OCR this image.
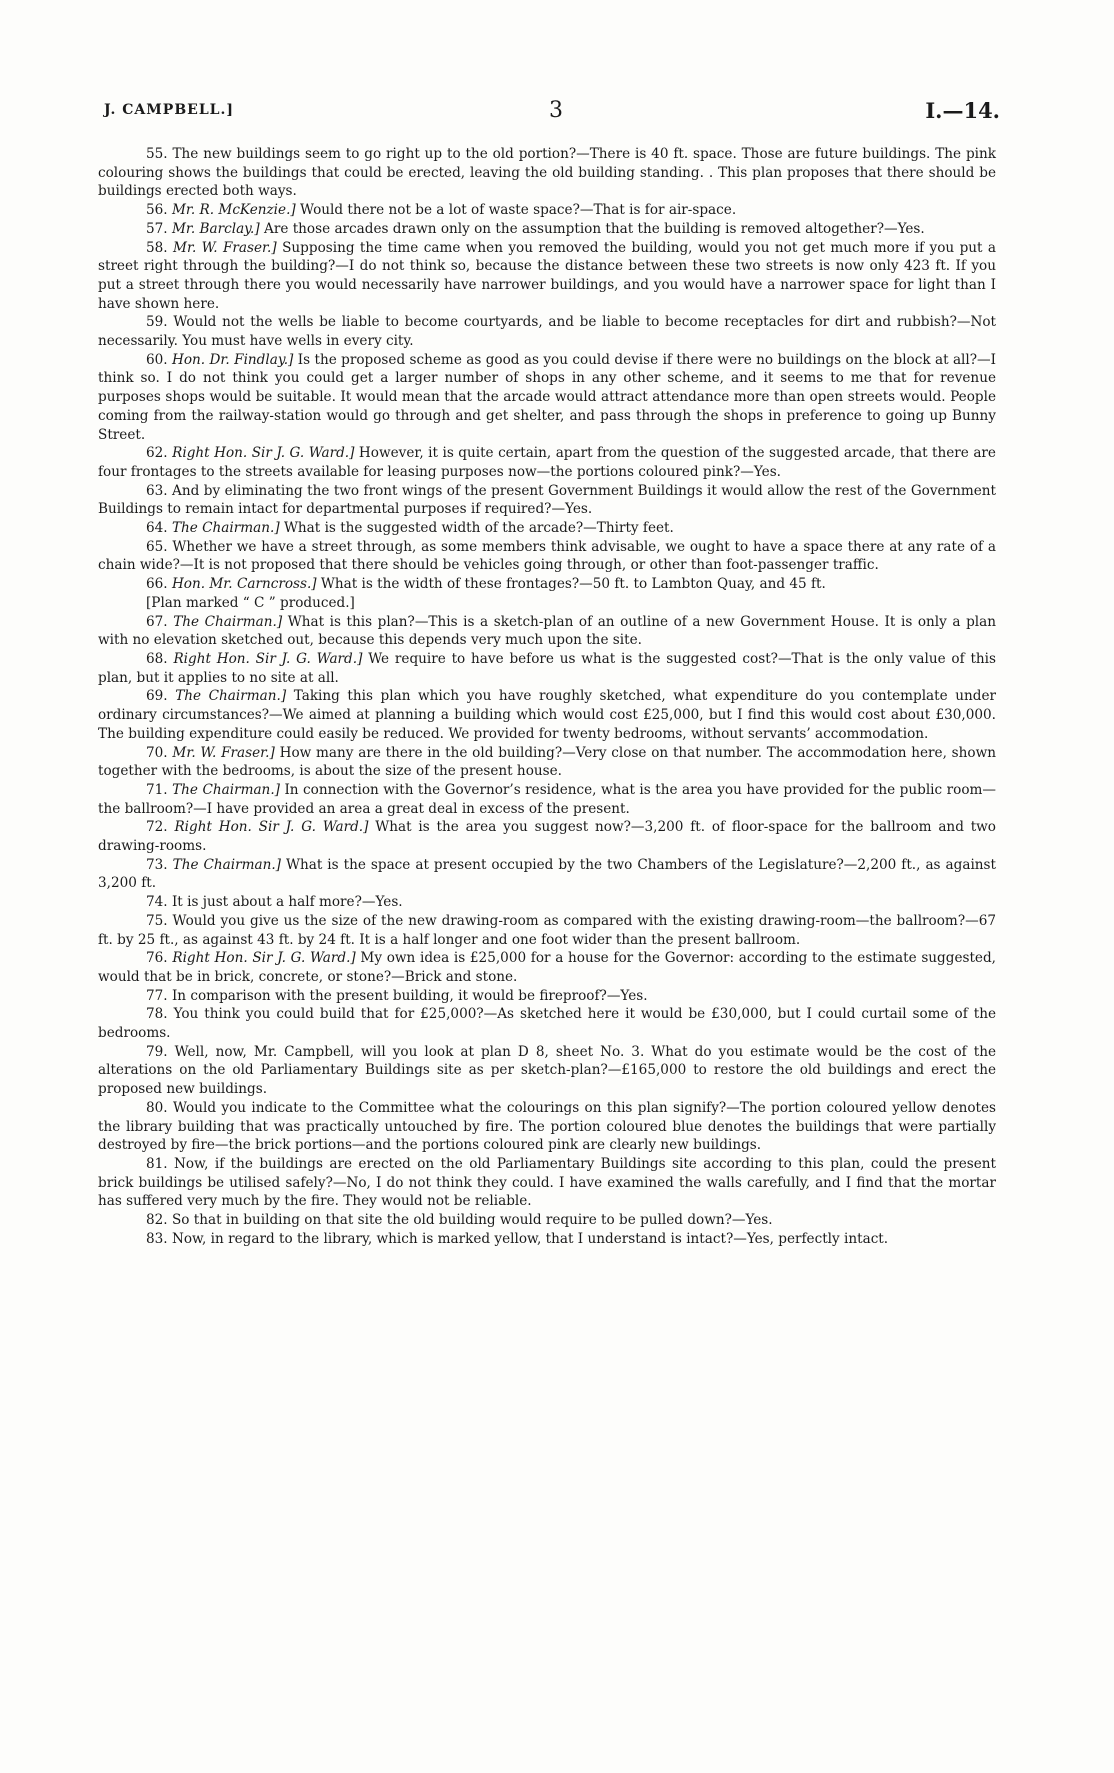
J. CAMPBELL.]	3	I.—14.

55. The new buildings seem to go right up to the old portion?—There is 40 ft. space. Those are future buildings. The pink colouring shows the buildings that could be erected, leaving the old building standing. . This plan proposes that there should be buildings erected both ways.

56. Mr. R. McKenzie.] Would there not be a lot of waste space?—That is for air-space.

57. Mr. Barclay.] Are those arcades drawn only on the assumption that the building is removed altogether?—Yes.

58. Mr. W. Fraser.] Supposing the time came when you removed the building, would you not get much more if you put a street right through the building?—I do not think so, because the distance between these two streets is now only 423 ft. If you put a street through there you would necessarily have narrower buildings, and you would have a narrower space for light than I have shown here.

59. Would not the wells be liable to become courtyards, and be liable to become receptacles for dirt and rubbish?—Not necessarily. You must have wells in every city.

60. Hon. Dr. Findlay.] Is the proposed scheme as good as you could devise if there were no buildings on the block at all?—I think so. I do not think you could get a larger number of shops in any other scheme, and it seems to me that for revenue purposes shops would be suitable. It would mean that the arcade would attract attendance more than open streets would. People coming from the railway-station would go through and get shelter, and pass through the shops in preference to going up Bunny Street.

62. Right Hon. Sir J. G. Ward.] However, it is quite certain, apart from the question of the suggested arcade, that there are four frontages to the streets available for leasing purposes now—the portions coloured pink?—Yes.

63. And by eliminating the two front wings of the present Government Buildings it would allow the rest of the Government Buildings to remain intact for departmental purposes if required?—Yes.

64. The Chairman.] What is the suggested width of the arcade?—Thirty feet.

65. Whether we have a street through, as some members think advisable, we ought to have a space there at any rate of a chain wide?—It is not proposed that there should be vehicles going through, or other than foot-passenger traffic.

66. Hon. Mr. Carncross.] What is the width of these frontages?—50 ft. to Lambton Quay, and 45 ft.

[Plan marked “ C ” produced.]

67. The Chairman.] What is this plan?—This is a sketch-plan of an outline of a new Government House. It is only a plan with no elevation sketched out, because this depends very much upon the site.

68. Right Hon. Sir J. G. Ward.] We require to have before us what is the suggested cost?—That is the only value of this plan, but it applies to no site at all.

69. The Chairman.] Taking this plan which you have roughly sketched, what expenditure do you contemplate under ordinary circumstances?—We aimed at planning a building which would cost £25,000, but I find this would cost about £30,000. The building expenditure could easily be reduced. We provided for twenty bedrooms, without servants’ accommodation.

70. Mr. W. Fraser.] How many are there in the old building?—Very close on that number. The accommodation here, shown together with the bedrooms, is about the size of the present house.

71. The Chairman.] In connection with the Governor’s residence, what is the area you have provided for the public room—the ballroom?—I have provided an area a great deal in excess of the present.

72. Right Hon. Sir J. G. Ward.] What is the area you suggest now?—3,200 ft. of floor-space for the ballroom and two drawing-rooms.

73. The Chairman.] What is the space at present occupied by the two Chambers of the Legislature?—2,200 ft., as against 3,200 ft.

74. It is just about a half more?—Yes.

75. Would you give us the size of the new drawing-room as compared with the existing drawing-room—the ballroom?—67 ft. by 25 ft., as against 43 ft. by 24 ft. It is a half longer and one foot wider than the present ballroom.

76. Right Hon. Sir J. G. Ward.] My own idea is £25,000 for a house for the Governor: according to the estimate suggested, would that be in brick, concrete, or stone?—Brick and stone.

77. In comparison with the present building, it would be fireproof?—Yes.

78. You think you could build that for £25,000?—As sketched here it would be £30,000, but I could curtail some of the bedrooms.

79. Well, now, Mr. Campbell, will you look at plan D 8, sheet No. 3. What do you estimate would be the cost of the alterations on the old Parliamentary Buildings site as per sketch-plan?—£165,000 to restore the old buildings and erect the proposed new buildings.

80. Would you indicate to the Committee what the colourings on this plan signify?—The portion coloured yellow denotes the library building that was practically untouched by fire. The portion coloured blue denotes the buildings that were partially destroyed by fire—the brick portions—and the portions coloured pink are clearly new buildings.

81. Now, if the buildings are erected on the old Parliamentary Buildings site according to this plan, could the present brick buildings be utilised safely?—No, I do not think they could. I have examined the walls carefully, and I find that the mortar has suffered very much by the fire. They would not be reliable.

82. So that in building on that site the old building would require to be pulled down?—Yes.

83. Now, in regard to the library, which is marked yellow, that I understand is intact?—Yes, perfectly intact.
